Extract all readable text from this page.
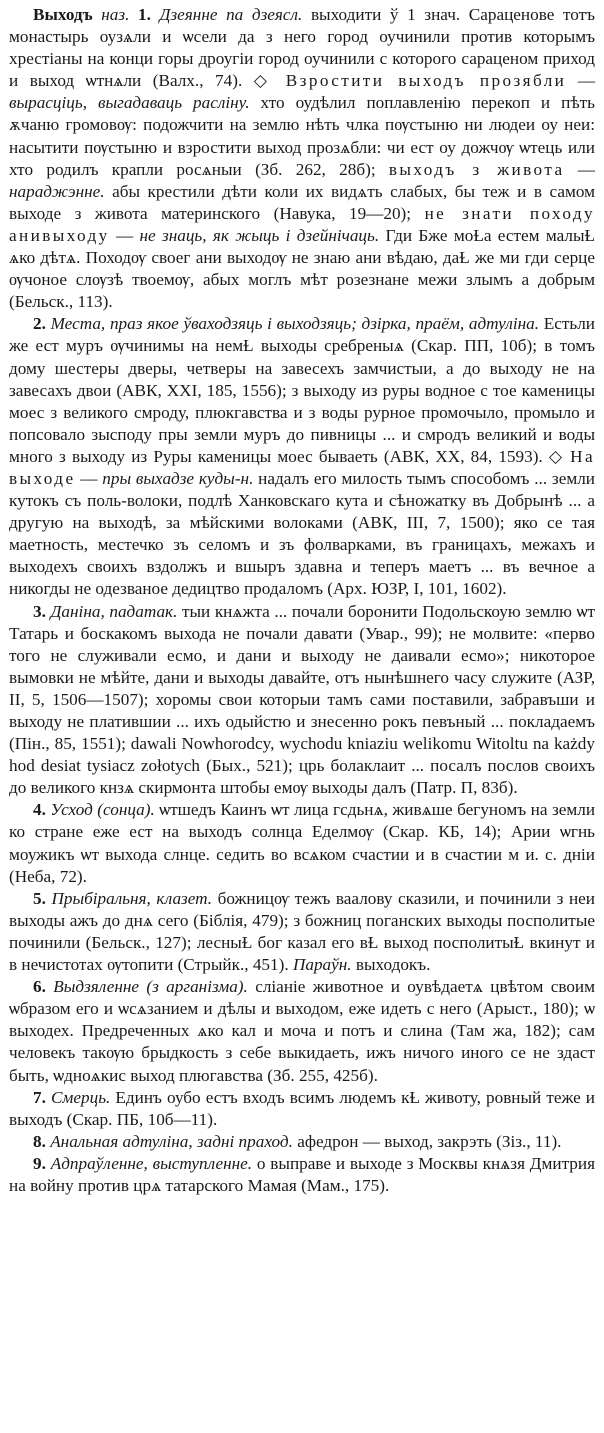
Выходъ наз. 1. Дзеянне па дзеясл. выходити ў 1 знач. Сараценове тотъ монастырь оузѧли и ѡсели да з него город оучинили против которымъ хрестіаны на конци горы дроугіи город оучинили с которого сараценом приход и выход ѡтнѧли (Валх., 74). ◇ Взростити выходъ прозябли — вырасціць, выгадаваць расліну. хто оудѣлил поплавленію перекоп и пѣть ѫчаню громовѹ: подожчити на землю нѣть члка пѹстыню ни людеи оу неи: насытити пѹстыню и взростити выход прозѧбли: чи ест оу дожчѹ ѡтець или хто родилъ крапли росѧныи (Зб. 262, 28б); выходъ з живота — нараджэнне. абы крестили дѣти коли их видѧть слабых, бы теж и в самом выходе з живота материнского (Навука, 19—20); не знати походу анивыходу — не знаць, як жыць і дзейнічаць. Гди Бже моⱢа естем малыⱢ ѧко дѣтѧ. Походѹ своег ани выходѹ не знаю ани вѣдаю, даⱢ же ми гди серце ѹчоное слѹзѣ твоемѹ, абых моглъ мѣт розезнане межи злымъ а добрым (Бельск., 113).

2. Места, праз якое ўваходзяць і выходзяць; дзірка, праём, адтуліна. Естьли же ест муръ ѹчинимы на немⱢ выходы сребреныѧ (Скар. ПП, 10б); в томъ дому шестеры дверы, четверы на завесехъ замчистыи, а до выходу не на завесахъ двои (АВК, XXI, 185, 1556); з выходу из руры водное с тое каменицы моес з великого смроду, плюкгавства и з воды рурное промочыло, промыло и попсовало зыcподу пры земли муръ до пивницы ... и смродъ великий и воды много з выходу из Руры каменицы моес бываеть (АВК, XX, 84, 1593). ◇ На выходе — пры выхадзе куды-н. надалъ его милость тымъ способомъ ... земли кутокъ съ поль-волоки, подлѣ Ханковскаго кута и сѣножатку въ Добрынѣ ... а другую на выходѣ, за мѣйскими волоками (АВК, III, 7, 1500); яко се тая маетность, местечко зъ селомъ и зъ фолварками, въ границахъ, межахъ и выходехъ своихъ вздолжъ и вшыръ здавна и теперъ маетъ ... въ вечное а никогды не одезваное дедицтво продаломъ (Арх. ЮЗР, I, 101, 1602).

3. Даніна, падатак. тыи кнѧжта ... почали боронити Подольскоую землю ѡт Татарь и боскакомъ выхода не почали давати (Увар., 99); не молвите: «перво того не служивали есмо, и дани и выходу не даивали есмо»; никоторое вымовки не мѣйте, дани и выходы давайте, отъ нынѣшнего часу служите (АЗР, II, 5, 1506—1507); хоромы свои которыи тамъ сами поставили, забравъши и выходу не платившии ... ихъ одыйстю и знесенно рокъ певъный ... покладаемъ (Пін., 85, 1551); dawali Nowhorodcy, wychodu kniaziu welikomu Witoltu na każdy hod desiat tysiacz zołotych (Бых., 521); црь болаклаит ... посалъ послов своихъ до великого кнзѧ скирмонта штобы емѹ выходы далъ (Патр. П, 83б).

4. Усход (сонца). ѡтшедъ Каинъ ѡт лица гсдьнѧ, живѧше бегуномъ на земли ко стране еже ест на выходъ солнца Еделмѹ (Скар. КБ, 14); Арии ѡгнь моужикъ ѡт выхода слнце. седить во всѧком счастии и в счастии м и. с. дніи (Неба, 72).

5. Прыбіральня, клазет. божницѹ тежъ ваалову сказили, и починили з неи выходы ажъ до днѧ сего (Біблія, 479); з божниц поганских выходы посполитые починили (Бельск., 127); лесныⱢ бог казал его вⱢ выход посполитыⱢ вкинут и в нечистотах ѹтопити (Стрыйк., 451). Параўн. выходокъ.

6. Выдзяленне (з арганізма). сліаніе животное и оувѣдаетѧ цвѣтом своим ѡбразом его и ѡсѧзанием и дѣлы и выходом, еже идеть с него (Арыст., 180); ѡ выходех. Предреченных ѧко кал и моча и потъ и слина (Там жа, 182); сам человекъ такѹю брыдкость з себе выкидаеть, ижъ ничого иного се не здаст быть, ѡдноѧкиc выход плюгавства (Зб. 255, 425б).

7. Смерць. Единъ оубо естъ входъ всимъ людемъ кⱢ животу, ровный теже и выходъ (Скар. ПБ, 10б—11).

8. Анальная адтуліна, задні праход. афедрон — выход, закрэть (Зіз., 11).

9. Адпраўленне, выступленне. о выправе и выходе з Москвы кнѧзя Дмитрия на войну против црѧ татарского Мамая (Мам., 175).
